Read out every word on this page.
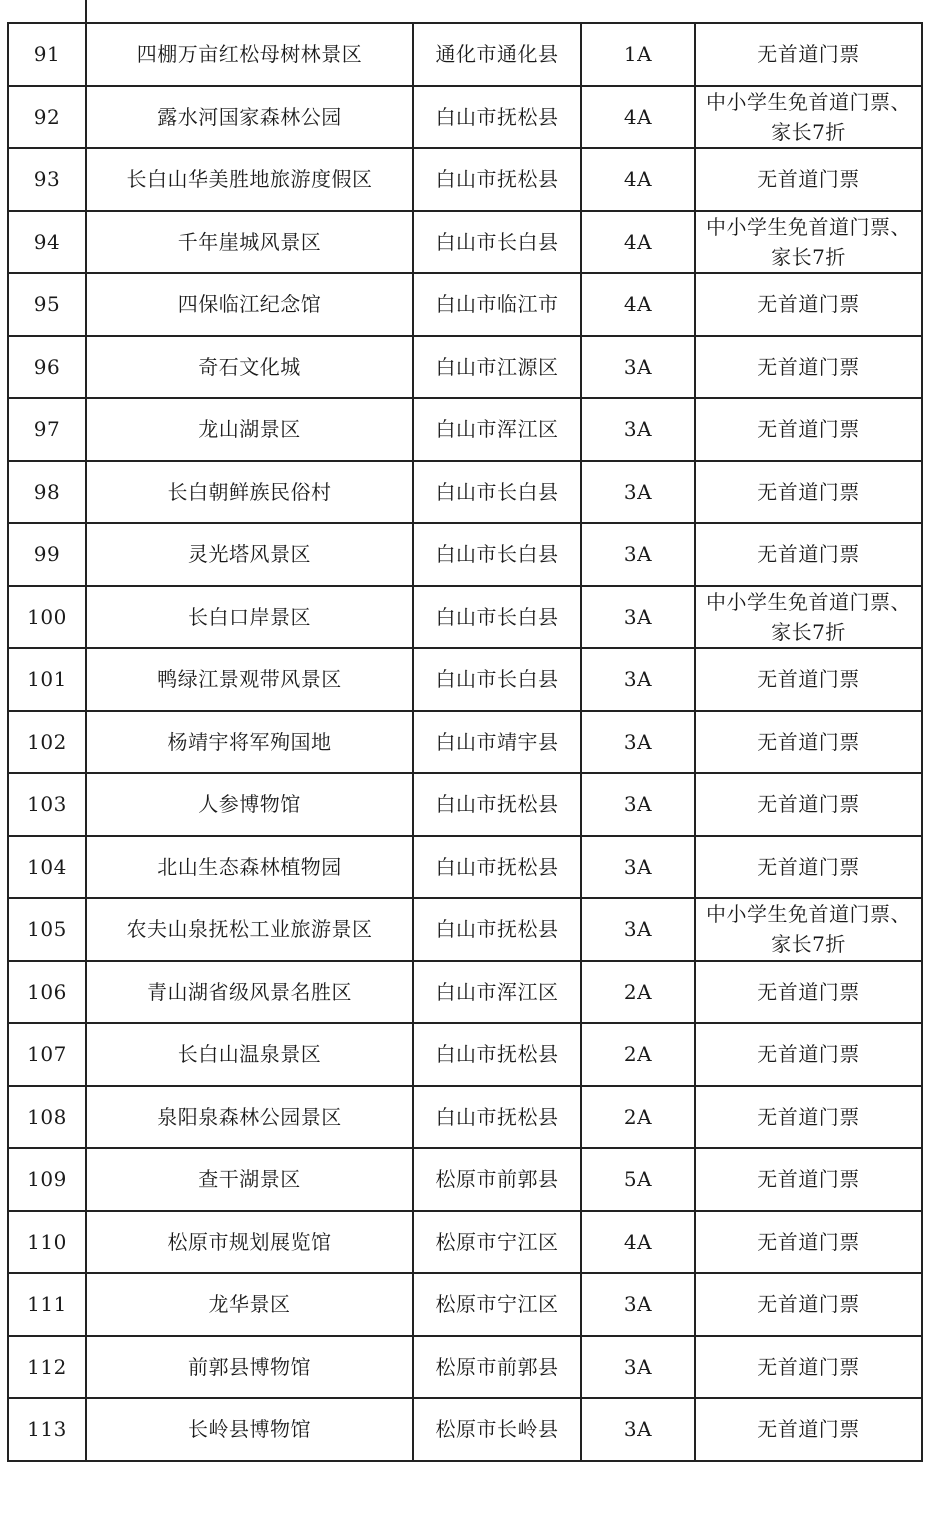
91	四棚万亩红松母树林景区	通化市通化县	1A	无首道门票
92	露水河国家森林公园	白山市抚松县	4A	中小学生免首道门票、家长7折
93	长白山华美胜地旅游度假区	白山市抚松县	4A	无首道门票
94	千年崖城风景区	白山市长白县	4A	中小学生免首道门票、家长7折
95	四保临江纪念馆	白山市临江市	4A	无首道门票
96	奇石文化城	白山市江源区	3A	无首道门票
97	龙山湖景区	白山市浑江区	3A	无首道门票
98	长白朝鲜族民俗村	白山市长白县	3A	无首道门票
99	灵光塔风景区	白山市长白县	3A	无首道门票
100	长白口岸景区	白山市长白县	3A	中小学生免首道门票、家长7折
101	鸭绿江景观带风景区	白山市长白县	3A	无首道门票
102	杨靖宇将军殉国地	白山市靖宇县	3A	无首道门票
103	人参博物馆	白山市抚松县	3A	无首道门票
104	北山生态森林植物园	白山市抚松县	3A	无首道门票
105	农夫山泉抚松工业旅游景区	白山市抚松县	3A	中小学生免首道门票、家长7折
106	青山湖省级风景名胜区	白山市浑江区	2A	无首道门票
107	长白山温泉景区	白山市抚松县	2A	无首道门票
108	泉阳泉森林公园景区	白山市抚松县	2A	无首道门票
109	查干湖景区	松原市前郭县	5A	无首道门票
110	松原市规划展览馆	松原市宁江区	4A	无首道门票
111	龙华景区	松原市宁江区	3A	无首道门票
112	前郭县博物馆	松原市前郭县	3A	无首道门票
113	长岭县博物馆	松原市长岭县	3A	无首道门票
